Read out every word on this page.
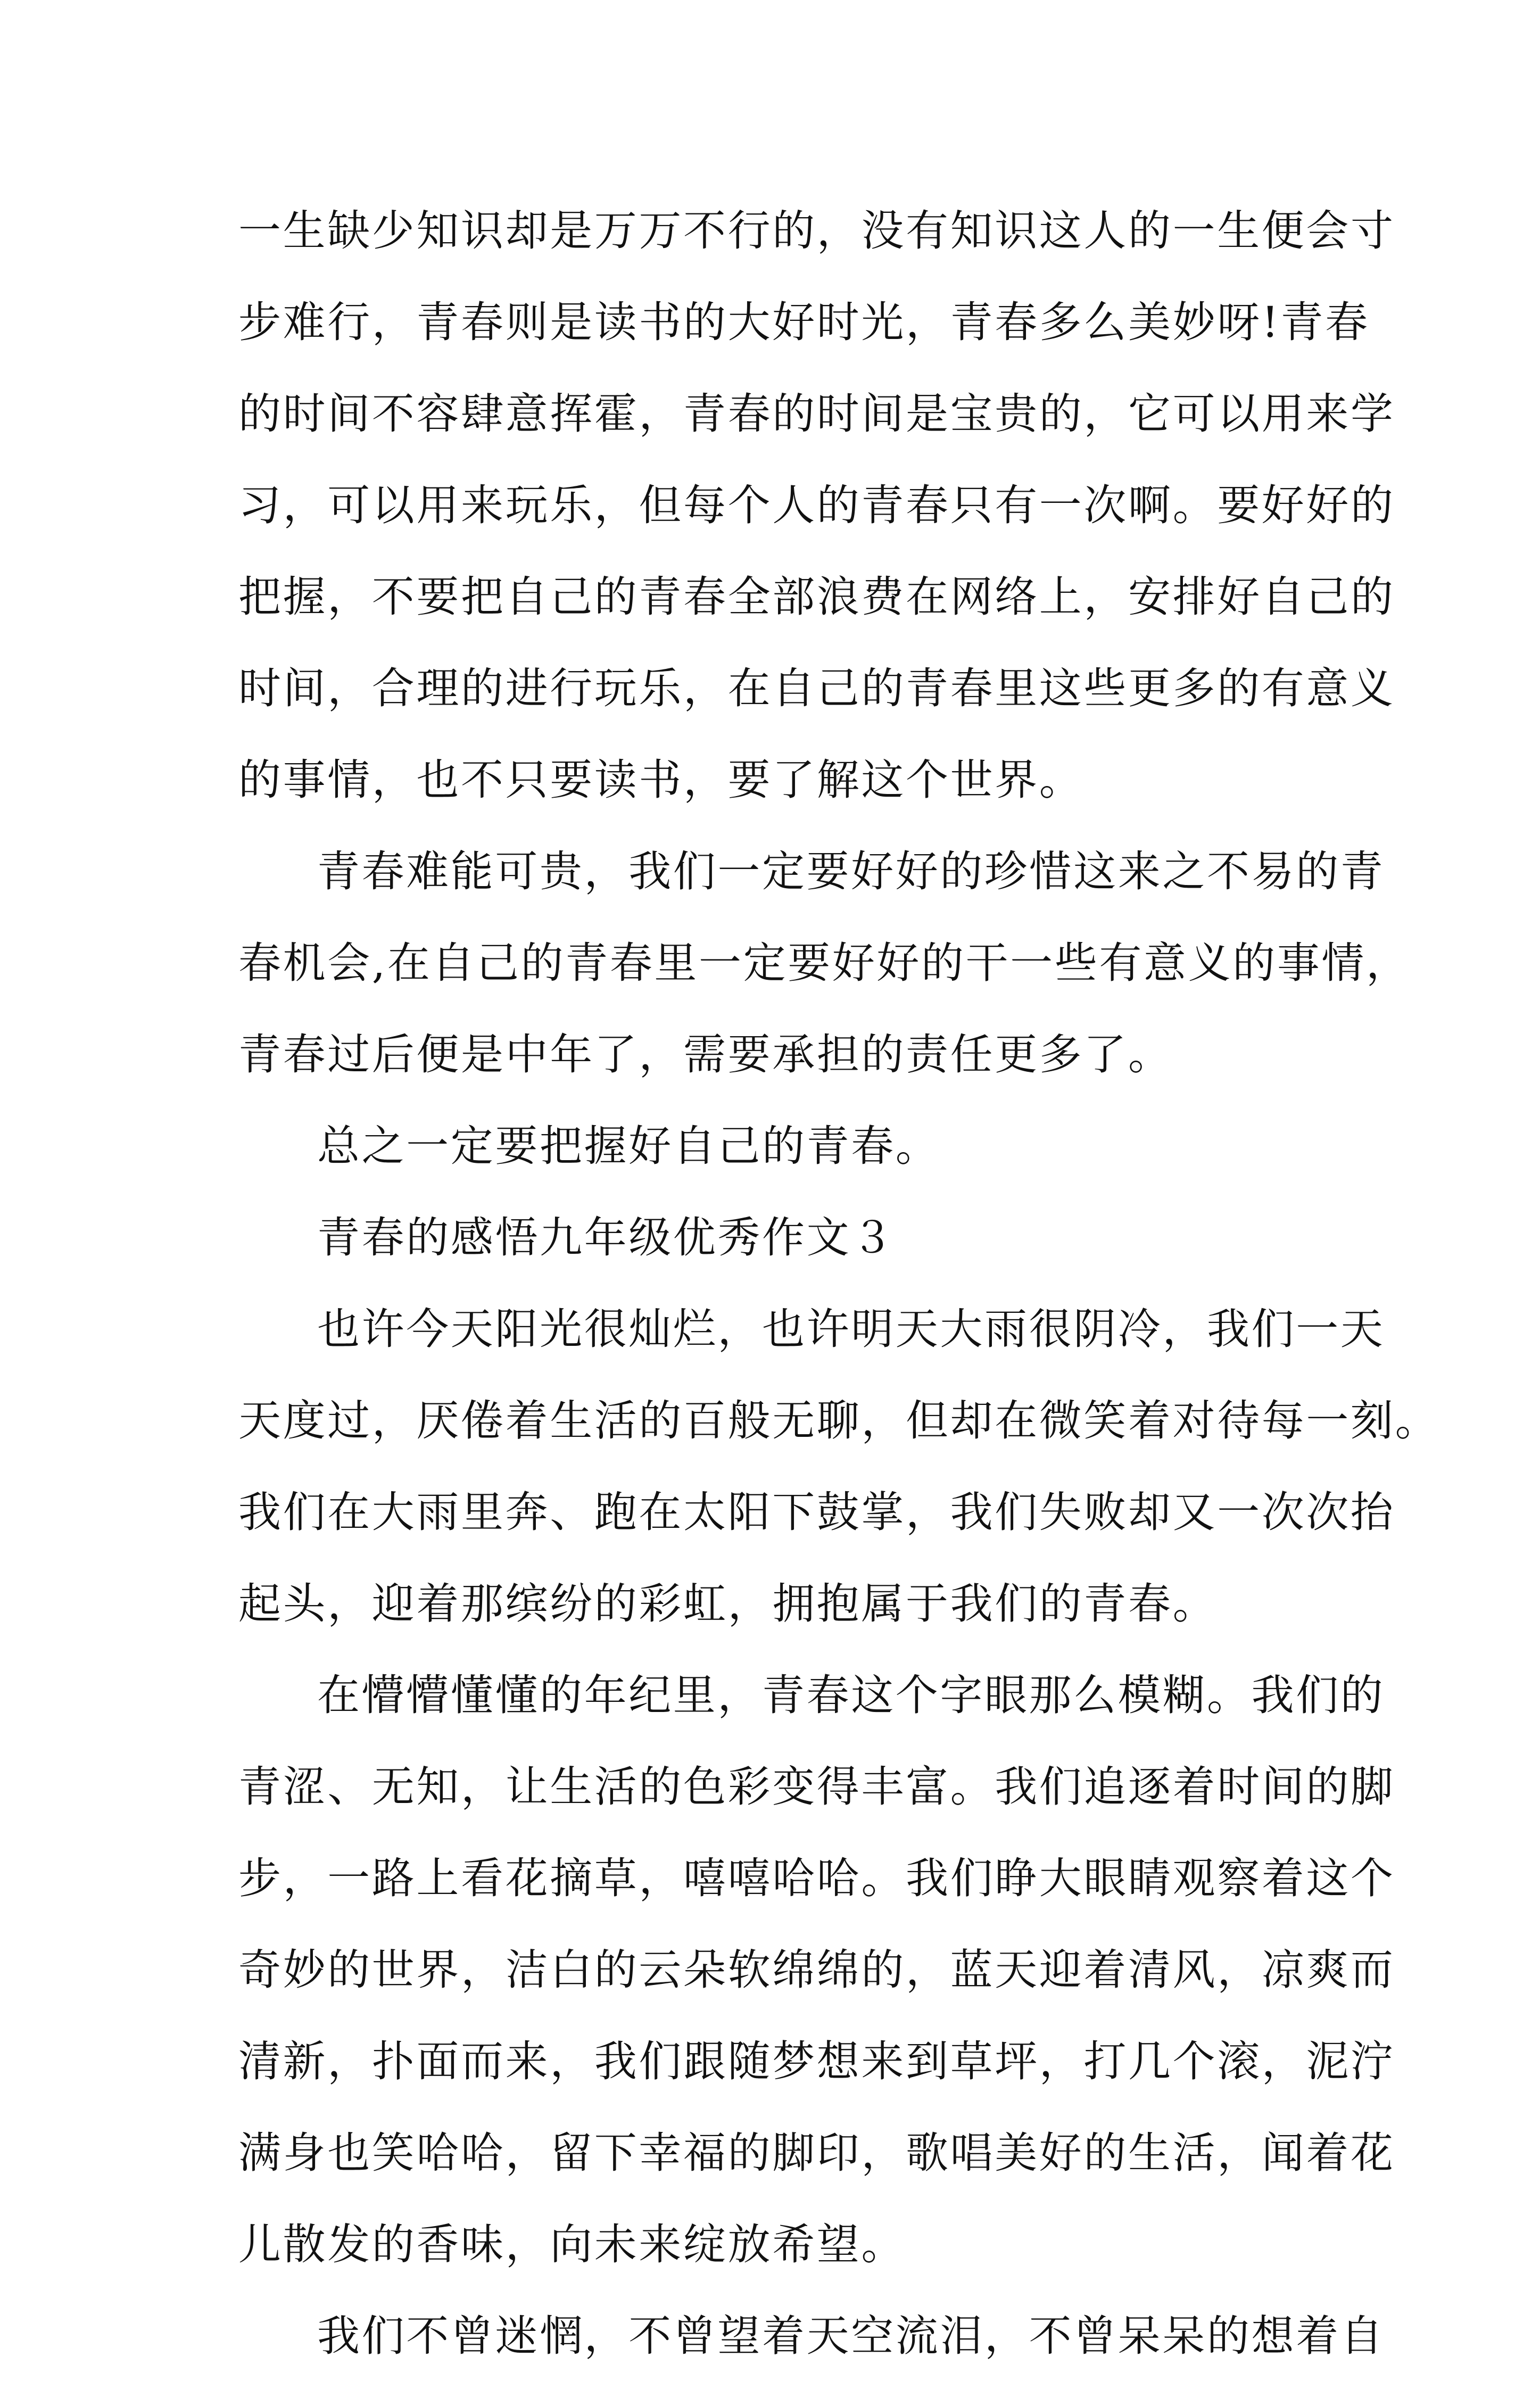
一生缺少知识却是万万不行的，没有知识这人的一生便会寸
步难行，青春则是读书的大好时光，青春多么美妙呀!青春
的时间不容肆意挥霍，青春的时间是宝贵的，它可以用来学
习，可以用来玩乐，但每个人的青春只有一次啊。要好好的
把握，不要把自己的青春全部浪费在网络上，安排好自己的
时间，合理的进行玩乐，在自己的青春里这些更多的有意义
的事情，也不只要读书，要了解这个世界。
青春难能可贵，我们一定要好好的珍惜这来之不易的青
春机会,在自己的青春里一定要好好的干一些有意义的事情，
青春过后便是中年了，需要承担的责任更多了。
总之一定要把握好自己的青春。
青春的感悟九年级优秀作文３
也许今天阳光很灿烂，也许明天大雨很阴冷，我们一天
天度过，厌倦着生活的百般无聊，但却在微笑着对待每一刻。
我们在大雨里奔、跑在太阳下鼓掌，我们失败却又一次次抬
起头，迎着那缤纷的彩虹，拥抱属于我们的青春。
在懵懵懂懂的年纪里，青春这个字眼那么模糊。我们的
青涩、无知，让生活的色彩变得丰富。我们追逐着时间的脚
步，一路上看花摘草，嘻嘻哈哈。我们睁大眼睛观察着这个
奇妙的世界，洁白的云朵软绵绵的，蓝天迎着清风，凉爽而
清新，扑面而来，我们跟随梦想来到草坪，打几个滚，泥泞
满身也笑哈哈，留下幸福的脚印，歌唱美好的生活，闻着花
儿散发的香味，向未来绽放希望。
我们不曾迷惘，不曾望着天空流泪，不曾呆呆的想着自
